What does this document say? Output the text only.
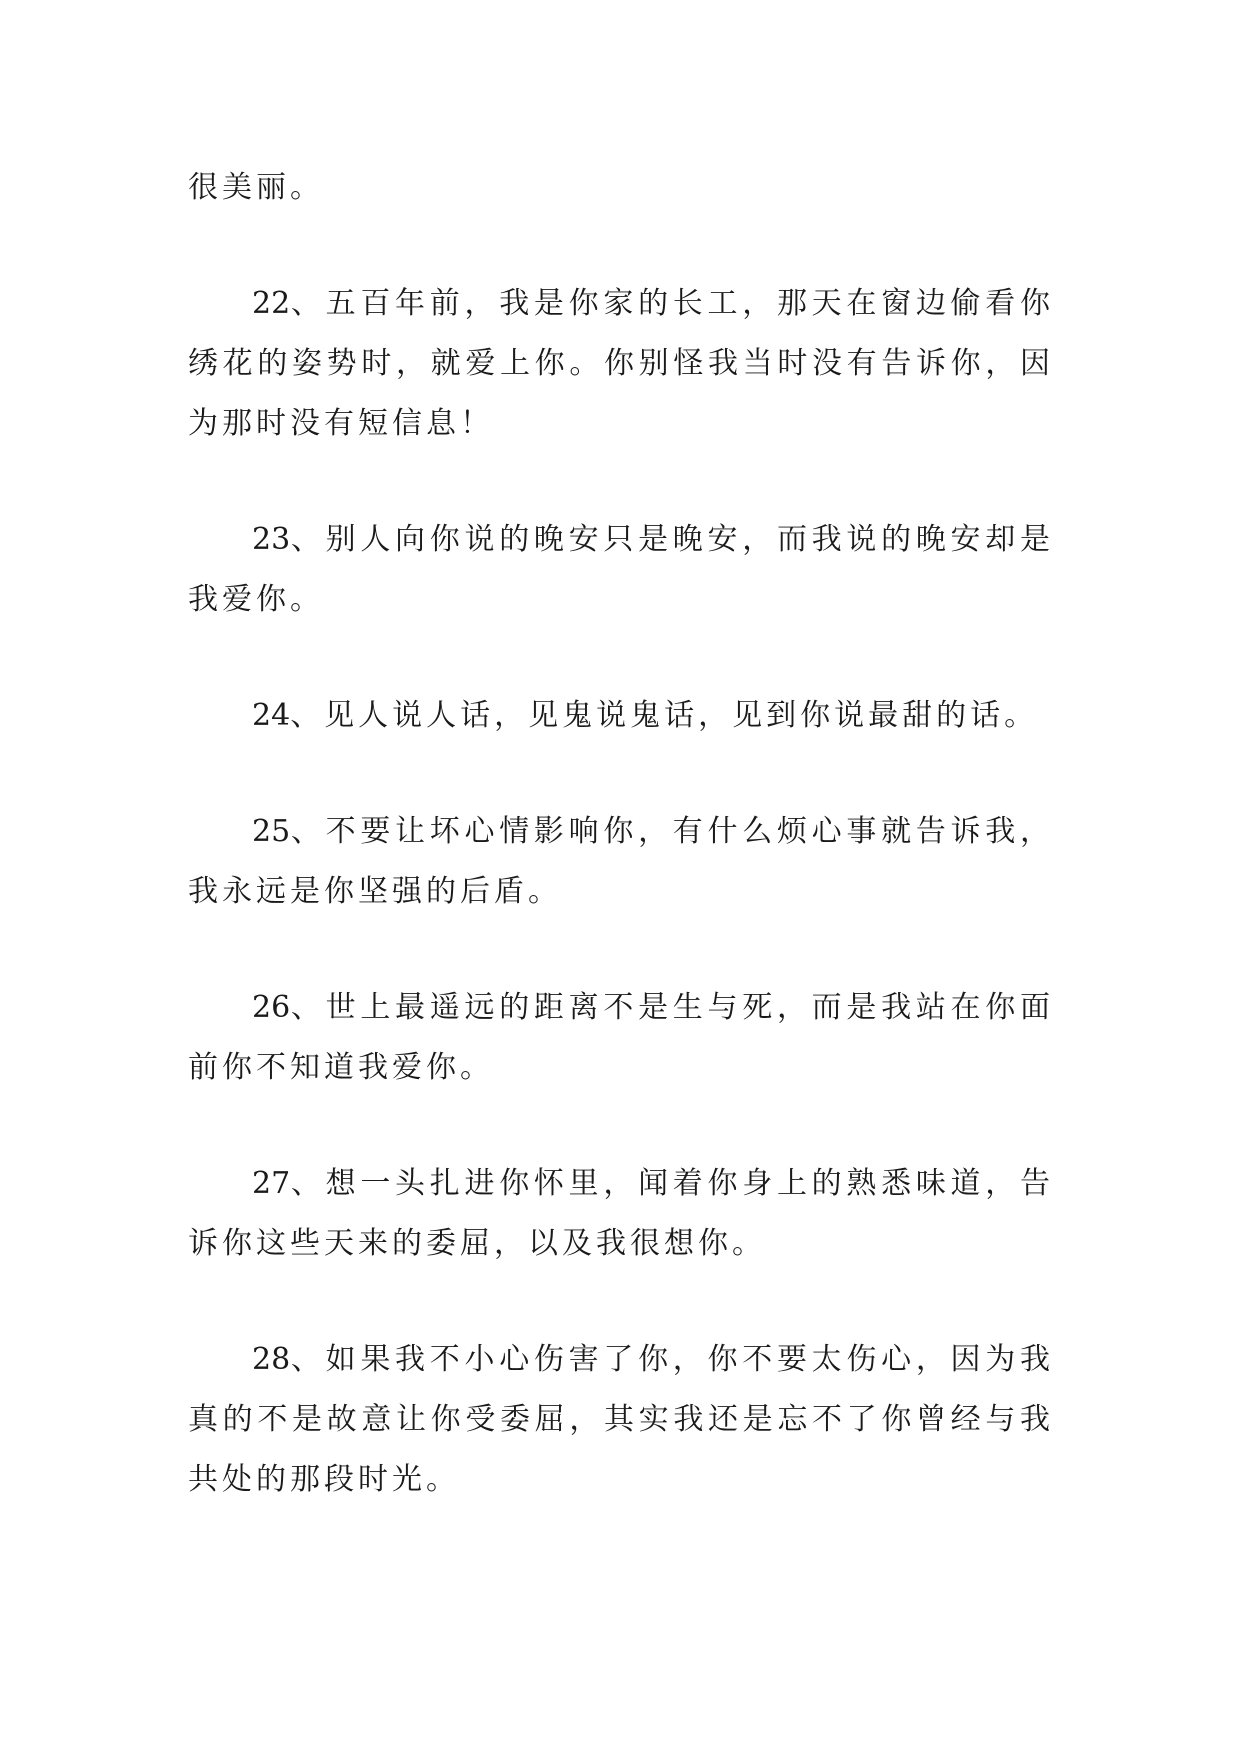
很美丽。

22、五百年前，我是你家的长工，那天在窗边偷看你绣花的姿势时，就爱上你。你别怪我当时没有告诉你，因为那时没有短信息！

23、别人向你说的晚安只是晚安，而我说的晚安却是我爱你。

24、见人说人话，见鬼说鬼话，见到你说最甜的话。

25、不要让坏心情影响你，有什么烦心事就告诉我，我永远是你坚强的后盾。

26、世上最遥远的距离不是生与死，而是我站在你面前你不知道我爱你。

27、想一头扎进你怀里，闻着你身上的熟悉味道，告诉你这些天来的委屈，以及我很想你。

28、如果我不小心伤害了你，你不要太伤心，因为我真的不是故意让你受委屈，其实我还是忘不了你曾经与我共处的那段时光。
